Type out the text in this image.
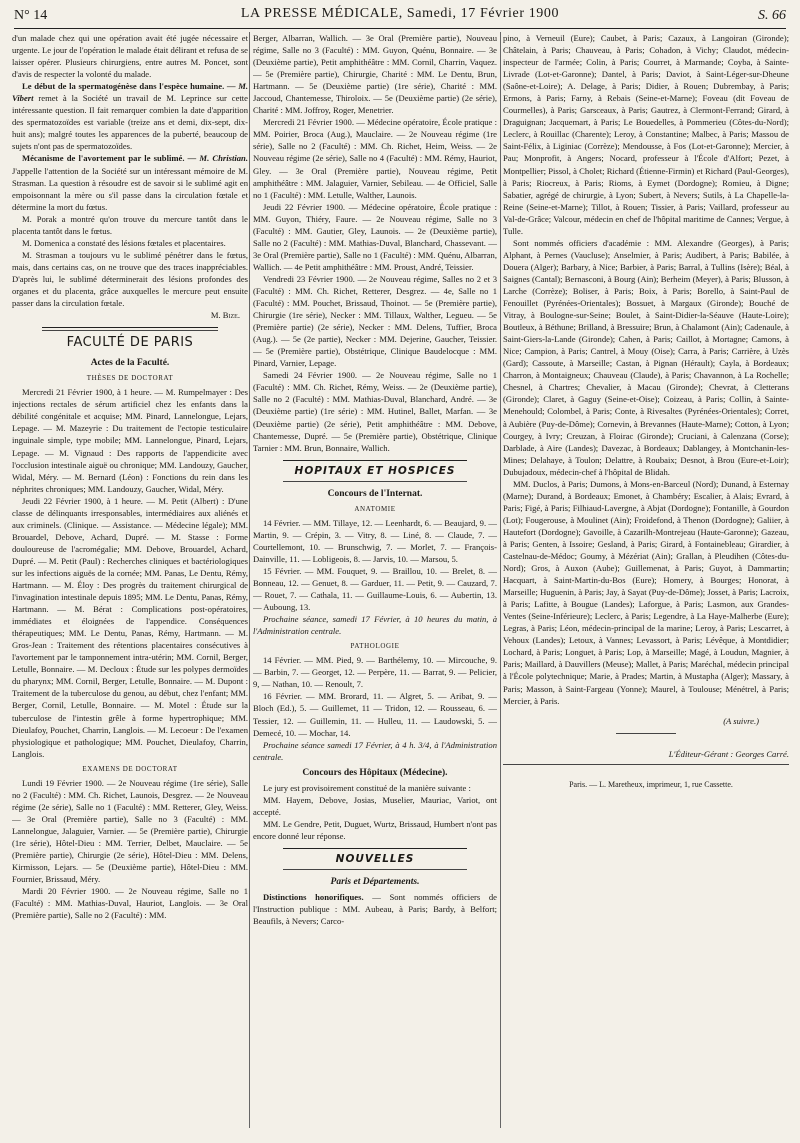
N° 14	LA PRESSE MÉDICALE, Samedi, 17 Février 1900	S. 66

d'un malade chez qui une opération avait été jugée nécessaire et urgente. Le jour de l'opération le malade était délirant et refusa de se laisser opérer. Plusieurs chirurgiens, entre autres M. Poncet, sont d'avis de respecter la volonté du malade.

Le début de la spermatogénèse dans l'espèce humaine. — M. Vibert remet à la Société un travail de M. Leprince sur cette intéressante question. Il fait remarquer combien la date d'apparition des spermatozoïdes est variable (treize ans et demi, dix-sept, dix-huit ans); malgré toutes les apparences de la puberté, beaucoup de sujets n'ont pas de spermatozoïdes.

Mécanisme de l'avortement par le sublimé. — M. Christian. J'appelle l'attention de la Société sur un intéressant mémoire de M. Strasman. La question à résoudre est de savoir si le sublimé agit en empoisonnant la mère ou s'il passe dans la circulation fœtale et détermine la mort du fœtus.

M. Porak a montré qu'on trouve du mercure tantôt dans le placenta tantôt dans le fœtus.

M. Domenica a constaté des lésions fœtales et placentaires.

M. Strasman a toujours vu le sublimé pénétrer dans le fœtus, mais, dans certains cas, on ne trouve que des traces inappréciables. D'après lui, le sublimé déterminerait des lésions profondes des organes et du placenta, grâce auxquelles le mercure peut ensuite passer dans la circulation fœtale.

M. Bize.

FACULTÉ DE PARIS
Actes de la Faculté.
THÈSES DE DOCTORAT

Mercredi 21 Février 1900, à 1 heure. — M. Rumpelmayer : Des injections rectales de sérum artificiel chez les enfants dans la débilité congénitale et acquise; MM. Pinard, Lannelongue, Lejars, Lepage. — M. Mazeyrie : Du traitement de l'ectopie testiculaire inguinale simple, type mobile; MM. Lannelongue, Pinard, Lejars, Lepage. — M. Vignaud : Des rapports de l'appendicite avec l'occlusion intestinale aiguë ou chronique; MM. Landouzy, Gaucher, Widal, Méry. — M. Bernard (Léon) : Fonctions du rein dans les néphrites chroniques; MM. Landouzy, Gaucher, Widal, Méry.

Jeudi 22 Février 1900, à 1 heure. — M. Petit (Albert) : D'une classe de délinquants irresponsables, intermédiaires aux aliénés et aux criminels. (Clinique. — Assistance. — Médecine légale); MM. Brouardel, Debove, Achard, Dupré. — M. Stasse : Forme douloureuse de l'acromégalie; MM. Debove, Brouardel, Achard, Dupré. — M. Petit (Paul) : Recherches cliniques et bactériologiques sur les infections aiguës de la cornée; MM. Panas, Le Dentu, Rémy, Hartmann. — M. Éloy : Des progrès du traitement chirurgical de l'invagination intestinale depuis 1895; MM. Le Dentu, Panas, Rémy, Hartmann. — M. Bérat : Complications post-opératoires, immédiates et éloignées de l'appendice. Conséquences thérapeutiques; MM. Le Dentu, Panas, Rémy, Hartmann. — M. Gros-Jean : Traitement des rétentions placentaires consécutives à l'avortement par le tamponnement intra-utérin; MM. Cornil, Berger, Letulle, Bonnaire. — M. Decloux : Étude sur les polypes dermoïdes du pharynx; MM. Cornil, Berger, Letulle, Bonnaire. — M. Dupont : Traitement de la tuberculose du genou, au début, chez l'enfant; MM. Berger, Cornil, Letulle, Bonnaire. — M. Motel : Étude sur la tuberculose de l'intestin grêle à forme hypertrophique; MM. Dieulafoy, Pouchet, Charrin, Langlois. — M. Lecoeur : De l'examen physiologique et pathologique; MM. Pouchet, Dieulafoy, Charrin, Langlois.

EXAMENS DE DOCTORAT

Lundi 19 Février 1900. — 2e Nouveau régime (1re série), Salle no 2 (Faculté) : MM. Ch. Richet, Launois, Desgrez. — 2e Nouveau régime (2e série), Salle no 1 (Faculté) : MM. Retterer, Gley, Weiss. — 3e Oral (Première partie), Salle no 3 (Faculté) : MM. Lannelongue, Jalaguier, Varnier. — 5e (Première partie), Chirurgie (1re série), Hôtel-Dieu : MM. Terrier, Delbet, Mauclaire. — 5e (Première partie), Chirurgie (2e série), Hôtel-Dieu : MM. Delens, Kirmisson, Lejars. — 5e (Deuxième partie), Hôtel-Dieu : MM. Fournier, Brissaud, Méry.

Mardi 20 Février 1900. — 2e Nouveau régime, Salle no 1 (Faculté) : MM. Mathias-Duval, Hauriot, Langlois. — 3e Oral (Première partie), Salle no 2 (Faculté) : MM.

Berger, Albarran, Wallich. — 3e Oral (Première partie), Nouveau régime, Salle no 3 (Faculté) : MM. Guyon, Quénu, Bonnaire. — 3e (Deuxième partie), Petit amphithéâtre : MM. Cornil, Charrin, Vaquez. — 5e (Première partie), Chirurgie, Charité : MM. Le Dentu, Brun, Hartmann. — 5e (Deuxième partie) (1re série), Charité : MM. Jaccoud, Chantemesse, Thiroloix. — 5e (Deuxième partie) (2e série), Charité : MM. Joffroy, Roger, Menetrier.

Mercredi 21 Février 1900. — Médecine opératoire, École pratique : MM. Poirier, Broca (Aug.), Mauclaire. — 2e Nouveau régime (1re série), Salle no 2 (Faculté) : MM. Ch. Richet, Heim, Weiss. — 2e Nouveau régime (2e série), Salle no 4 (Faculté) : MM. Rémy, Hauriot, Gley. — 3e Oral (Première partie), Nouveau régime, Petit amphithéâtre : MM. Jalaguier, Varnier, Sebileau. — 4e Officiel, Salle no 1 (Faculté) : MM. Letulle, Walther, Launois.

Jeudi 22 Février 1900. — Médecine opératoire, École pratique : MM. Guyon, Thiéry, Faure. — 2e Nouveau régime, Salle no 3 (Faculté) : MM. Gautier, Gley, Launois. — 2e (Deuxième partie), Salle no 2 (Faculté) : MM. Mathias-Duval, Blanchard, Chassevant. — 3e Oral (Première partie), Salle no 1 (Faculté) : MM. Quénu, Albarran, Wallich. — 4e Petit amphithéâtre : MM. Proust, André, Teissier.

Vendredi 23 Février 1900. — 2e Nouveau régime, Salles no 2 et 3 (Faculté) : MM. Ch. Richet, Retterer, Desgrez. — 4e, Salle no 1 (Faculté) : MM. Pouchet, Brissaud, Thoinot. — 5e (Première partie), Chirurgie (1re série), Necker : MM. Tillaux, Walther, Legueu. — 5e (Première partie) (2e série), Necker : MM. Delens, Tuffier, Broca (Aug.). — 5e (2e partie), Necker : MM. Dejerine, Gaucher, Teissier. — 5e (Première partie), Obstétrique, Clinique Baudelocque : MM. Pinard, Varnier, Lepage.

Samedi 24 Février 1900. — 2e Nouveau régime, Salle no 1 (Faculté) : MM. Ch. Richet, Rémy, Weiss. — 2e (Deuxième partie), Salle no 2 (Faculté) : MM. Mathias-Duval, Blanchard, André. — 3e (Deuxième partie) (1re série) : MM. Hutinel, Ballet, Marfan. — 3e (Deuxième partie) (2e série), Petit amphithéâtre : MM. Debove, Chantemesse, Dupré. — 5e (Première partie), Obstétrique, Clinique Tarnier : MM. Brun, Bonnaire, Wallich.

HOPITAUX ET HOSPICES
Concours de l'Internat.
ANATOMIE

14 Février. — MM. Tillaye, 12. — Leenhardt, 6. — Beaujard, 9. — Martin, 9. — Crépin, 3. — Vitry, 8. — Liné, 8. — Claude, 7. — Courtellemont, 10. — Brunschwig, 7. — Morlet, 7. — François-Dainville, 11. — Lobligeois, 8. — Jarvis, 10. — Marsou, 5.

15 Février. — MM. Fouquet, 9. — Braillou, 10. — Brelet, 8. — Bonneau, 12. — Genuet, 8. — Garduer, 11. — Petit, 9. — Cauzard, 7. — Rouet, 7. — Cathala, 11. — Guillaume-Louis, 6. — Aubertin, 13. — Auboung, 13.

Prochaine séance, samedi 17 Février, à 10 heures du matin, à l'Administration centrale.

PATHOLOGIE

14 Février. — MM. Pied, 9. — Barthélemy, 10. — Mircouche, 9. — Barbin, 7. — Georget, 12. — Perpère, 11. — Barrat, 9. — Pelicier, 9, — Nathan, 10. — Renoult, 7.

16 Février. — MM. Brorard, 11. — Algret, 5. — Aribat, 9. — Bloch (Ed.), 5. — Guillemet, 11 — Tridon, 12. — Rousseau, 6. — Tessier, 12. — Guillemin, 11. — Hulleu, 11. — Laudowski, 5. — Demecé, 10. — Mochar, 14.

Prochaine séance samedi 17 Février, à 4 h. 3/4, à l'Administration centrale.

Concours des Hôpitaux (Médecine).

Le jury est provisoirement constitué de la manière suivante :

MM. Hayem, Debove, Josias, Muselier, Mauriac, Variot, ont accepté.

MM. Le Gendre, Petit, Duguet, Wurtz, Brissaud, Humbert n'ont pas encore donné leur réponse.

NOUVELLES
Paris et Départements.

Distinctions honorifiques. — Sont nommés officiers de l'Instruction publique : MM. Aubeau, à Paris; Bardy, à Belfort; Beaufils, à Nevers; Carco-

pino, à Verneuil (Eure); Caubet, à Paris; Cazaux, à Langoiran (Gironde); Châtelain, à Paris; Chauveau, à Paris; Cohadon, à Vichy; Claudot, médecin-inspecteur de l'armée; Colin, à Paris; Courret, à Marmande; Coyba, à Sainte-Livrade (Lot-et-Garonne); Dantel, à Paris; Daviot, à Saint-Léger-sur-Dheune (Saône-et-Loire); A. Delage, à Paris; Didier, à Rouen; Dubrembay, à Paris; Ermons, à Paris; Farny, à Rebais (Seine-et-Marne); Foveau (dit Foveau de Courmelles), à Paris; Garsceaux, à Paris; Gautrez, à Clermont-Ferrand; Girard, à Draguignan; Jacquemart, à Paris; Le Bouedelles, à Pommerieu (Côtes-du-Nord); Leclerc, à Rouillac (Charente); Leroy, à Constantine; Malbec, à Paris; Massou de Saint-Félix, à Liginiac (Corrèze); Mendousse, à Fos (Lot-et-Garonne); Mercier, à Pau; Monprofit, à Angers; Nocard, professeur à l'École d'Alfort; Pezet, à Montpellier; Pissol, à Cholet; Richard (Étienne-Firmin) et Richard (Paul-Georges), à Paris; Riocreux, à Paris; Rioms, à Eymet (Dordogne); Romieu, à Digne; Sabatier, agrégé de chirurgie, à Lyon; Subert, à Nevers; Sutils, à La Chapelle-la-Reine (Seine-et-Marne); Tillot, à Rouen; Tissier, à Paris; Vaillard, professeur au Val-de-Grâce; Valcour, médecin en chef de l'hôpital maritime de Cannes; Vergue, à Tulle.

Sont nommés officiers d'académie : MM. Alexandre (Georges), à Paris; Alphant, à Pernes (Vaucluse); Anselmier, à Paris; Audibert, à Paris; Babilée, à Douera (Alger); Barbary, à Nice; Barbier, à Paris; Barral, à Tullins (Isère); Béal, à Saignes (Cantal); Bernasconi, à Bourg (Ain); Berheim (Meyer), à Paris; Blusson, à Larche (Corrèze); Boliser, à Paris; Boix, à Paris; Borello, à Saint-Paul de Fenouillet (Pyrénées-Orientales); Bossuet, à Margaux (Gironde); Bouché de Vitray, à Boulogne-sur-Seine; Boulet, à Saint-Didier-la-Séauve (Haute-Loire); Boutleux, à Béthune; Brilland, à Bressuire; Brun, à Chalamont (Ain); Cadenaule, à Saint-Giers-la-Lande (Gironde); Cahen, à Paris; Caillot, à Mortagne; Camons, à Nice; Campion, à Paris; Cantrel, à Mouy (Oise); Carra, à Paris; Carrière, à Uzès (Gard); Cassoute, à Marseille; Castan, à Pignan (Hérault); Cayla, à Bordeaux; Charron, à Montaigneux; Chauveau (Claude), à Paris; Chavannon, à La Rochelle; Chesnel, à Chartres; Chevalier, à Macau (Gironde); Chevrat, à Cletterans (Gironde); Claret, à Gaguy (Seine-et-Oise); Coizeau, à Paris; Collin, à Sainte-Menehould; Colombel, à Paris; Conte, à Rivesaltes (Pyrénées-Orientales); Corret, à Aubière (Puy-de-Dôme); Cornevin, à Brevannes (Haute-Marne); Cotton, à Lyon; Courgey, à Ivry; Creuzan, à Floirac (Gironde); Cruciani, à Calenzana (Corse); Darblade, à Aire (Landes); Davezac, à Bordeaux; Dablangey, à Montchanin-les-Mines; Delahaye, à Toulon; Delattre, à Roubaix; Desnot, à Brou (Eure-et-Loir); Dubujadoux, médecin-chef à l'hôpital de Blidah.

MM. Duclos, à Paris; Dumons, à Mons-en-Barceul (Nord); Dunand, à Esternay (Marne); Durand, à Bordeaux; Emonet, à Chambéry; Escalier, à Alais; Evrard, à Paris; Figé, à Paris; Filhiaud-Lavergne, à Abjat (Dordogne); Fontanille, à Gourdon (Lot); Fougerouse, à Moulinet (Ain); Froidefond, à Thenon (Dordogne); Galiier, à Hautefort (Dordogne); Gavoille, à Cazarilh-Montrejeau (Haute-Garonne); Gazeau, à Paris; Genten, à Issoire; Gesland, à Paris; Girard, à Fontainebleau; Girardier, à Castelnau-de-Médoc; Goumy, à Mézériat (Ain); Grallan, à Pleudihen (Côtes-du-Nord); Gros, à Auxon (Aube); Guillemenat, à Paris; Guyot, à Dammartin; Hacquart, à Saint-Martin-du-Bos (Eure); Homery, à Bourges; Honorat, à Marseille; Huguenin, à Paris; Jay, à Sayat (Puy-de-Dôme); Josset, à Paris; Lacroix, à Paris; Lafitte, à Bougue (Landes); Laforgue, à Paris; Lasmon, aux Grandes-Ventes (Seine-Inférieure); Leclerc, à Paris; Legendre, à La Haye-Malherbe (Eure); Legras, à Paris; Léon, médecin-principal de la marine; Leroy, à Paris; Lescarret, à Vehoux (Landes); Letoux, à Vannes; Levassort, à Paris; Lévêque, à Montdidier; Lochard, à Paris; Longuet, à Paris; Lop, à Marseille; Magé, à Loudun, Magnier, à Paris; Maillard, à Dauvillers (Meuse); Mallet, à Paris; Maréchal, médecin principal à l'École polytechnique; Marie, à Prades; Martin, à Mustapha (Alger); Massary, à Paris; Masson, à Saint-Fargeau (Yonne); Maurel, à Toulouse; Ménétrel, à Paris; Mercier, à Paris.

(A suivre.)

L'Éditeur-Gérant : Georges Carré.

Paris. — L. Maretheux, imprimeur, 1, rue Cassette.
